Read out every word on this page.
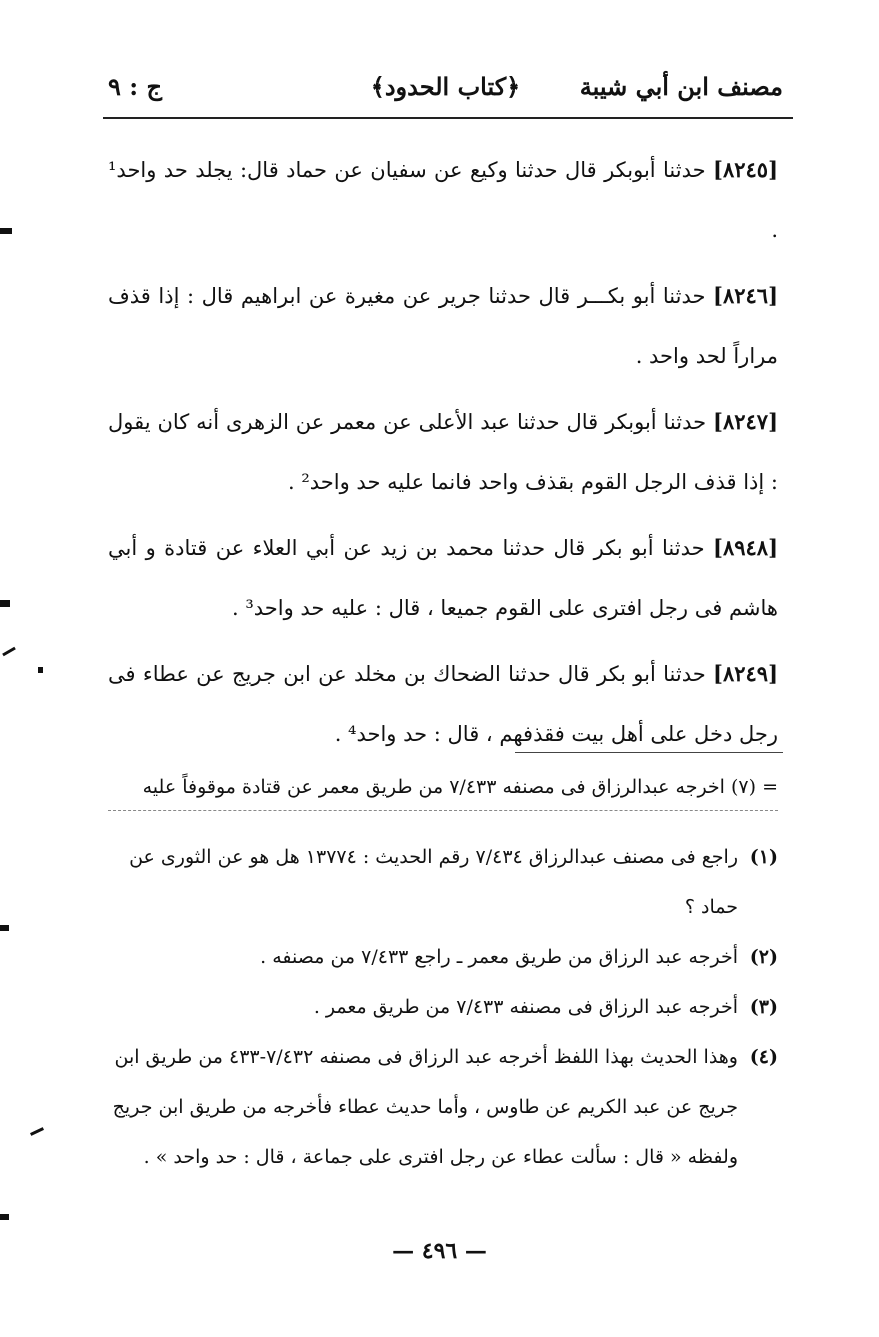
مصنف ابن أبي شيبة
﴿كتاب الحدود﴾
ج : ٩

[٨٢٤٥] حدثنا أبوبكر قال حدثنا وكيع عن سفيان عن حماد قال: يجلد حد واحد¹ .

[٨٢٤٦] حدثنا أبو بكـــر قال حدثنا جرير عن مغيرة عن ابراهيم قال : إذا قذف مراراً لحد واحد .

[٨٢٤٧] حدثنا أبوبكر قال حدثنا عبد الأعلى عن معمر عن الزهرى أنه كان يقول : إذا قذف الرجل القوم بقذف واحد فانما عليه حد واحد² .

[٨٩٤٨] حدثنا أبو بكر قال حدثنا محمد بن زيد عن أبي العلاء عن قتادة و أبي هاشم فى رجل افترى على القوم جميعا ، قال : عليه حد واحد³ .

[٨٢٤٩] حدثنا أبو بكر قال حدثنا الضحاك بن مخلد عن ابن جريج عن عطاء فى رجل دخل على أهل بيت فقذفهم ، قال : حد واحد⁴ .

= (٧) اخرجه عبدالرزاق فى مصنفه ٧/٤٣٣ من طريق معمر عن قتادة موقوفاً عليه
(١)
راجع فى مصنف عبدالرزاق ٧/٤٣٤ رقم الحديث : ١٣٧٧٤ هل هو عن الثورى عن حماد ؟
(٢)
أخرجه عبد الرزاق من طريق معمر ـ راجع ٧/٤٣٣ من مصنفه .
(٣)
أخرجه عبد الرزاق فى مصنفه ٧/٤٣٣ من طريق معمر .
(٤)
وهذا الحديث بهذا اللفظ أخرجه عبد الرزاق فى مصنفه ٧/٤٣٢-٤٣٣ من طريق ابن جريج عن عبد الكريم عن طاوس ، وأما حديث عطاء فأخرجه من طريق ابن جريج ولفظه « قال : سألت عطاء عن رجل افترى على جماعة ، قال : حد واحد » .
— ٤٩٦ —
